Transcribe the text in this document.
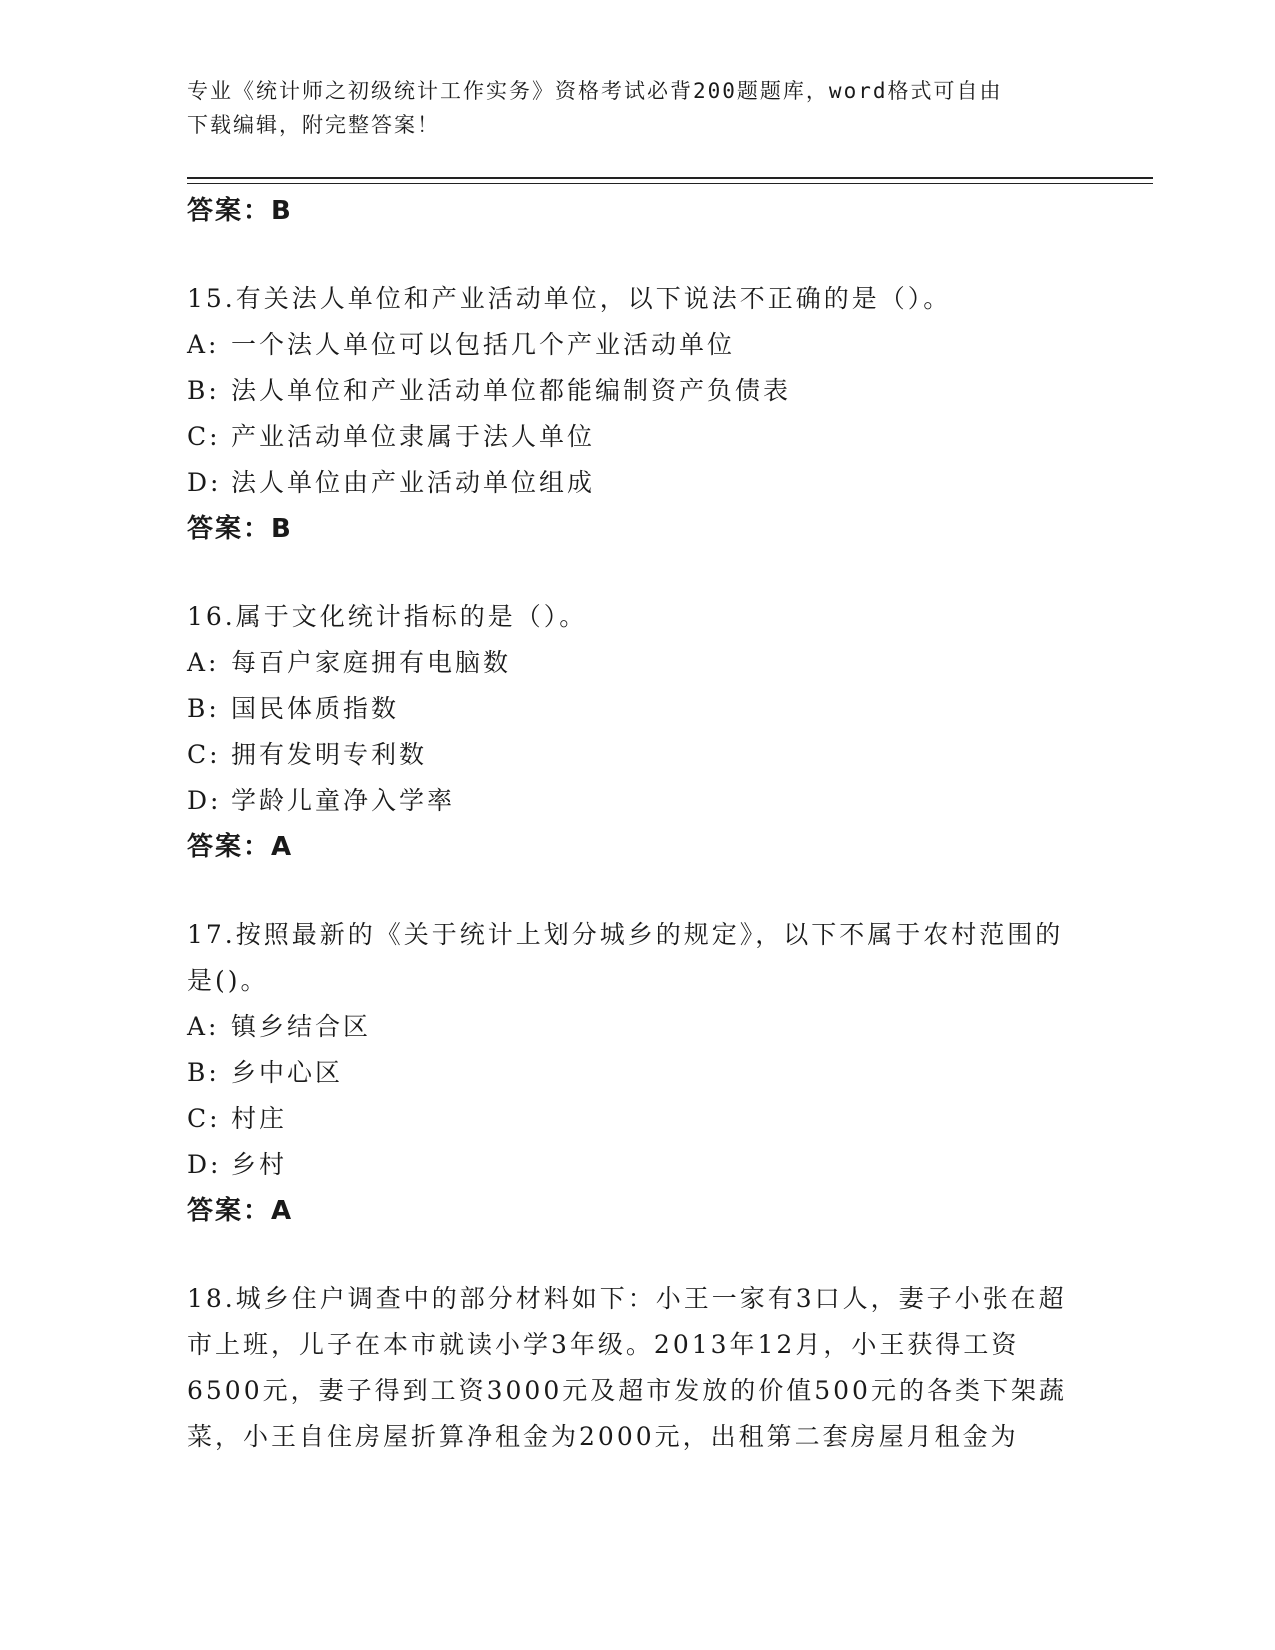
专业《统计师之初级统计工作实务》资格考试必背200题题库，word格式可自由
下载编辑，附完整答案！
答案：B
15.有关法人单位和产业活动单位，以下说法不正确的是（）。
A: 一个法人单位可以包括几个产业活动单位
B: 法人单位和产业活动单位都能编制资产负债表
C: 产业活动单位隶属于法人单位
D: 法人单位由产业活动单位组成
答案：B
16.属于文化统计指标的是（）。
A: 每百户家庭拥有电脑数
B: 国民体质指数
C: 拥有发明专利数
D: 学龄儿童净入学率
答案：A
17.按照最新的《关于统计上划分城乡的规定》，以下不属于农村范围的是()。
A: 镇乡结合区
B: 乡中心区
C: 村庄
D: 乡村
答案：A
18.城乡住户调查中的部分材料如下：小王一家有3口人，妻子小张在超市上班，儿子在本市就读小学3年级。2013年12月，小王获得工资6500元，妻子得到工资3000元及超市发放的价值500元的各类下架蔬菜，小王自住房屋折算净租金为2000元，出租第二套房屋月租金为
